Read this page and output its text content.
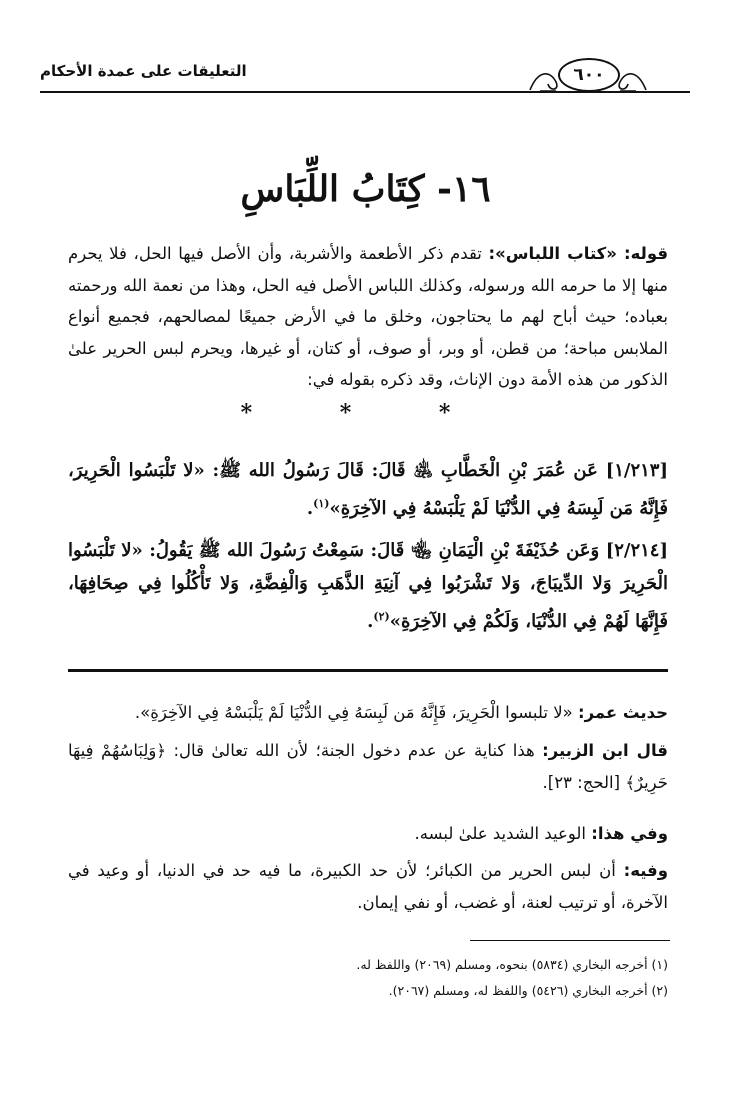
التعليقات على عمدة الأحكام	٦٠٠
١٦- كِتَابُ اللِّبَاسِ
قوله: «كتاب اللباس»: تقدم ذكر الأطعمة والأشربة، وأن الأصل فيها الحل، فلا يحرم منها إلا ما حرمه الله ورسوله، وكذلك اللباس الأصل فيه الحل، وهذا من نعمة الله ورحمته بعباده؛ حيث أباح لهم ما يحتاجون، وخلق ما في الأرض جميعًا لمصالحهم، فجميع أنواع الملابس مباحة؛ من قطن، أو وبر، أو صوف، أو كتان، أو غيرها، ويحرم لبس الحرير علىٰ الذكور من هذه الأمة دون الإناث، وقد ذكره بقوله في:
* * *
[١/٢١٣] عَن عُمَرَ بْنِ الْخَطَّابِ ﵁ قَالَ: قَالَ رَسُولُ الله ﷺ: «لا تَلْبَسُوا الْحَرِيرَ، فَإِنَّهُ مَن لَبِسَهُ فِي الدُّنْيَا لَمْ يَلْبَسْهُ فِي الآخِرَةِ»$^{(١)}$.
[٢/٢١٤] وَعَن حُذَيْفَةَ بْنِ الْيَمَانِ ﵄ قَالَ: سَمِعْتُ رَسُولَ الله ﷺ يَقُولُ: «لا تَلْبَسُوا الْحَرِيرَ وَلا الدِّيبَاجَ، وَلا تَشْرَبُوا فِي آنِيَةِ الذَّهَبِ وَالْفِضَّةِ، وَلا تَأْكُلُوا فِي صِحَافِهَا، فَإِنَّهَا لَهُمْ فِي الدُّنْيَا، وَلَكُمْ فِي الآخِرَةِ»$^{(٢)}$.
حديث عمر: «لا تلبسوا الْحَرِيرَ، فَإِنَّهُ مَن لَبِسَهُ فِي الدُّنْيَا لَمْ يَلْبَسْهُ فِي الآخِرَةِ».
قال ابن الزبير: هذا كناية عن عدم دخول الجنة؛ لأن الله تعالىٰ قال: ﴿وَلِبَاسُهُمْ فِيهَا حَرِيرٌ﴾ [الحج: ٢٣].
وفي هذا: الوعيد الشديد علىٰ لبسه.
وفيه: أن لبس الحرير من الكبائر؛ لأن حد الكبيرة، ما فيه حد في الدنيا، أو وعيد في الآخرة، أو ترتيب لعنة، أو غضب، أو نفي إيمان.
(١) أخرجه البخاري (٥٨٣٤) بنحوه، ومسلم (٢٠٦٩) واللفظ له.
(٢) أخرجه البخاري (٥٤٢٦) واللفظ له، ومسلم (٢٠٦٧).
